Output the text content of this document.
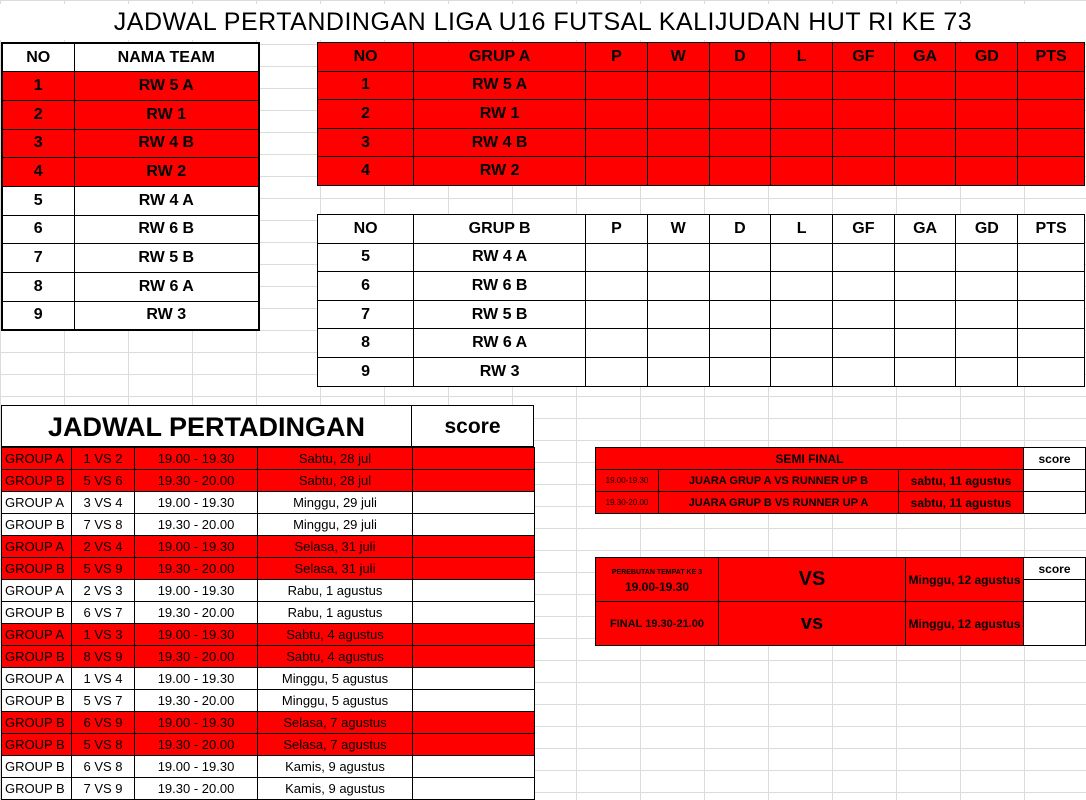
JADWAL PERTANDINGAN LIGA U16 FUTSAL KALIJUDAN HUT RI KE 73
NO	NAMA TEAM
1	RW 5 A
2	RW 1
3	RW 4 B
4	RW 2
5	RW 4 A
6	RW 6 B
7	RW 5 B
8	RW 6 A
9	RW 3
NO	GRUP A	P	W	D	L	GF	GA	GD	PTS
1	RW 5 A								
2	RW 1								
3	RW 4 B								
4	RW 2								
NO	GRUP B	P	W	D	L	GF	GA	GD	PTS
5	RW 4 A								
6	RW 6 B								
7	RW 5 B								
8	RW 6 A								
9	RW 3								
JADWAL PERTADINGAN	score
GROUP A	1 VS 2	19.00 - 19.30	Sabtu, 28 jul	
GROUP B	5 VS 6	19.30 - 20.00	Sabtu, 28 jul	
GROUP A	3 VS 4	19.00 - 19.30	Minggu, 29 juli	
GROUP B	7 VS 8	19.30 - 20.00	Minggu, 29 juli	
GROUP A	2 VS 4	19.00 - 19.30	Selasa, 31 juli	
GROUP B	5 VS 9	19.30 - 20.00	Selasa, 31 juli	
GROUP A	2 VS 3	19.00 - 19.30	Rabu, 1 agustus	
GROUP B	6 VS 7	19.30 - 20.00	Rabu, 1 agustus	
GROUP A	1 VS 3	19.00 - 19.30	Sabtu, 4 agustus	
GROUP B	8 VS 9	19.30 - 20.00	Sabtu, 4 agustus	
GROUP A	1 VS 4	19.00 - 19.30	Minggu, 5 agustus	
GROUP B	5 VS 7	19.30 - 20.00	Minggu, 5 agustus	
GROUP B	6 VS 9	19.00 - 19.30	Selasa, 7 agustus	
GROUP B	5 VS 8	19.30 - 20.00	Selasa, 7 agustus	
GROUP B	6 VS 8	19.00 - 19.30	Kamis, 9 agustus	
GROUP B	7 VS 9	19.30 - 20.00	Kamis, 9 agustus	
SEMI FINAL			score
19.00-19.30	JUARA GRUP A VS RUNNER UP B	sabtu, 11 agustus	
19.30-20.00	JUARA GRUP B VS RUNNER UP A	sabtu, 11 agustus	
PEREBUTAN TEMPAT KE 3
19.00-19.30	VS	Minggu, 12 agustus	score

FINAL 19.30-21.00	vs	Minggu, 12 agustus	
